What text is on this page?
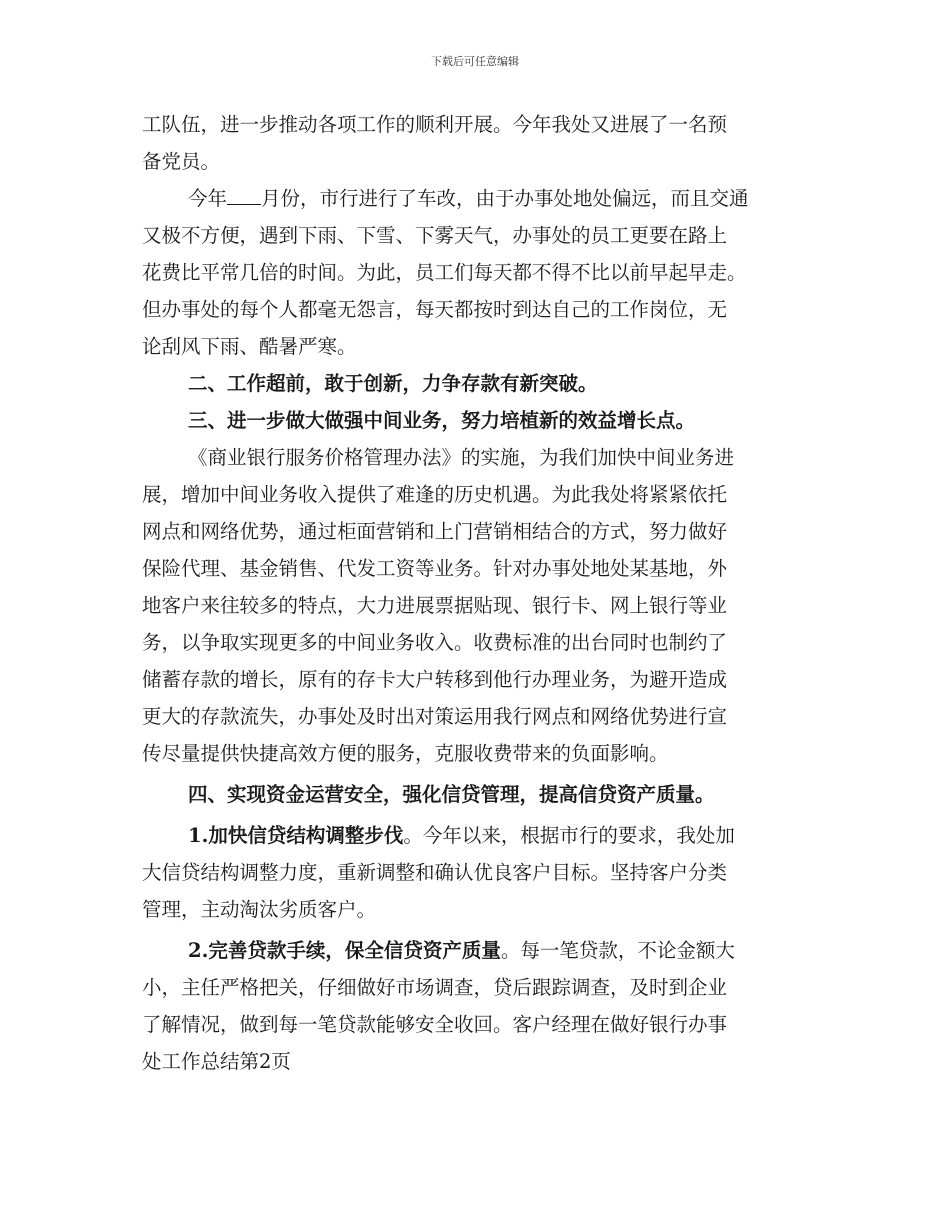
下载后可任意编辑
工队伍，进一步推动各项工作的顺利开展。今年我处又进展了一名预
备党员。
今年 月份，市行进行了车改，由于办事处地处偏远，而且交通
又极不方便，遇到下雨、下雪、下雾天气，办事处的员工更要在路上
花费比平常几倍的时间。为此，员工们每天都不得不比以前早起早走。
但办事处的每个人都毫无怨言，每天都按时到达自己的工作岗位，无
论刮风下雨、酷暑严寒。
二、工作超前，敢于创新，力争存款有新突破。
三、进一步做大做强中间业务，努力培植新的效益增长点。
《商业银行服务价格管理办法》的实施，为我们加快中间业务进
展，增加中间业务收入提供了难逢的历史机遇。为此我处将紧紧依托
网点和网络优势，通过柜面营销和上门营销相结合的方式，努力做好
保险代理、基金销售、代发工资等业务。针对办事处地处某基地，外
地客户来往较多的特点，大力进展票据贴现、银行卡、网上银行等业
务，以争取实现更多的中间业务收入。收费标准的出台同时也制约了
储蓄存款的增长，原有的存卡大户转移到他行办理业务，为避开造成
更大的存款流失，办事处及时出对策运用我行网点和网络优势进行宣
传尽量提供快捷高效方便的服务，克服收费带来的负面影响。
四、实现资金运营安全，强化信贷管理，提高信贷资产质量。
1.加快信贷结构调整步伐。今年以来，根据市行的要求，我处加
大信贷结构调整力度，重新调整和确认优良客户目标。坚持客户分类
管理，主动淘汰劣质客户。
2.完善贷款手续，保全信贷资产质量。每一笔贷款，不论金额大
小，主任严格把关，仔细做好市场调查，贷后跟踪调查，及时到企业
了解情况，做到每一笔贷款能够安全收回。客户经理在做好银行办事
处工作总结第2页
